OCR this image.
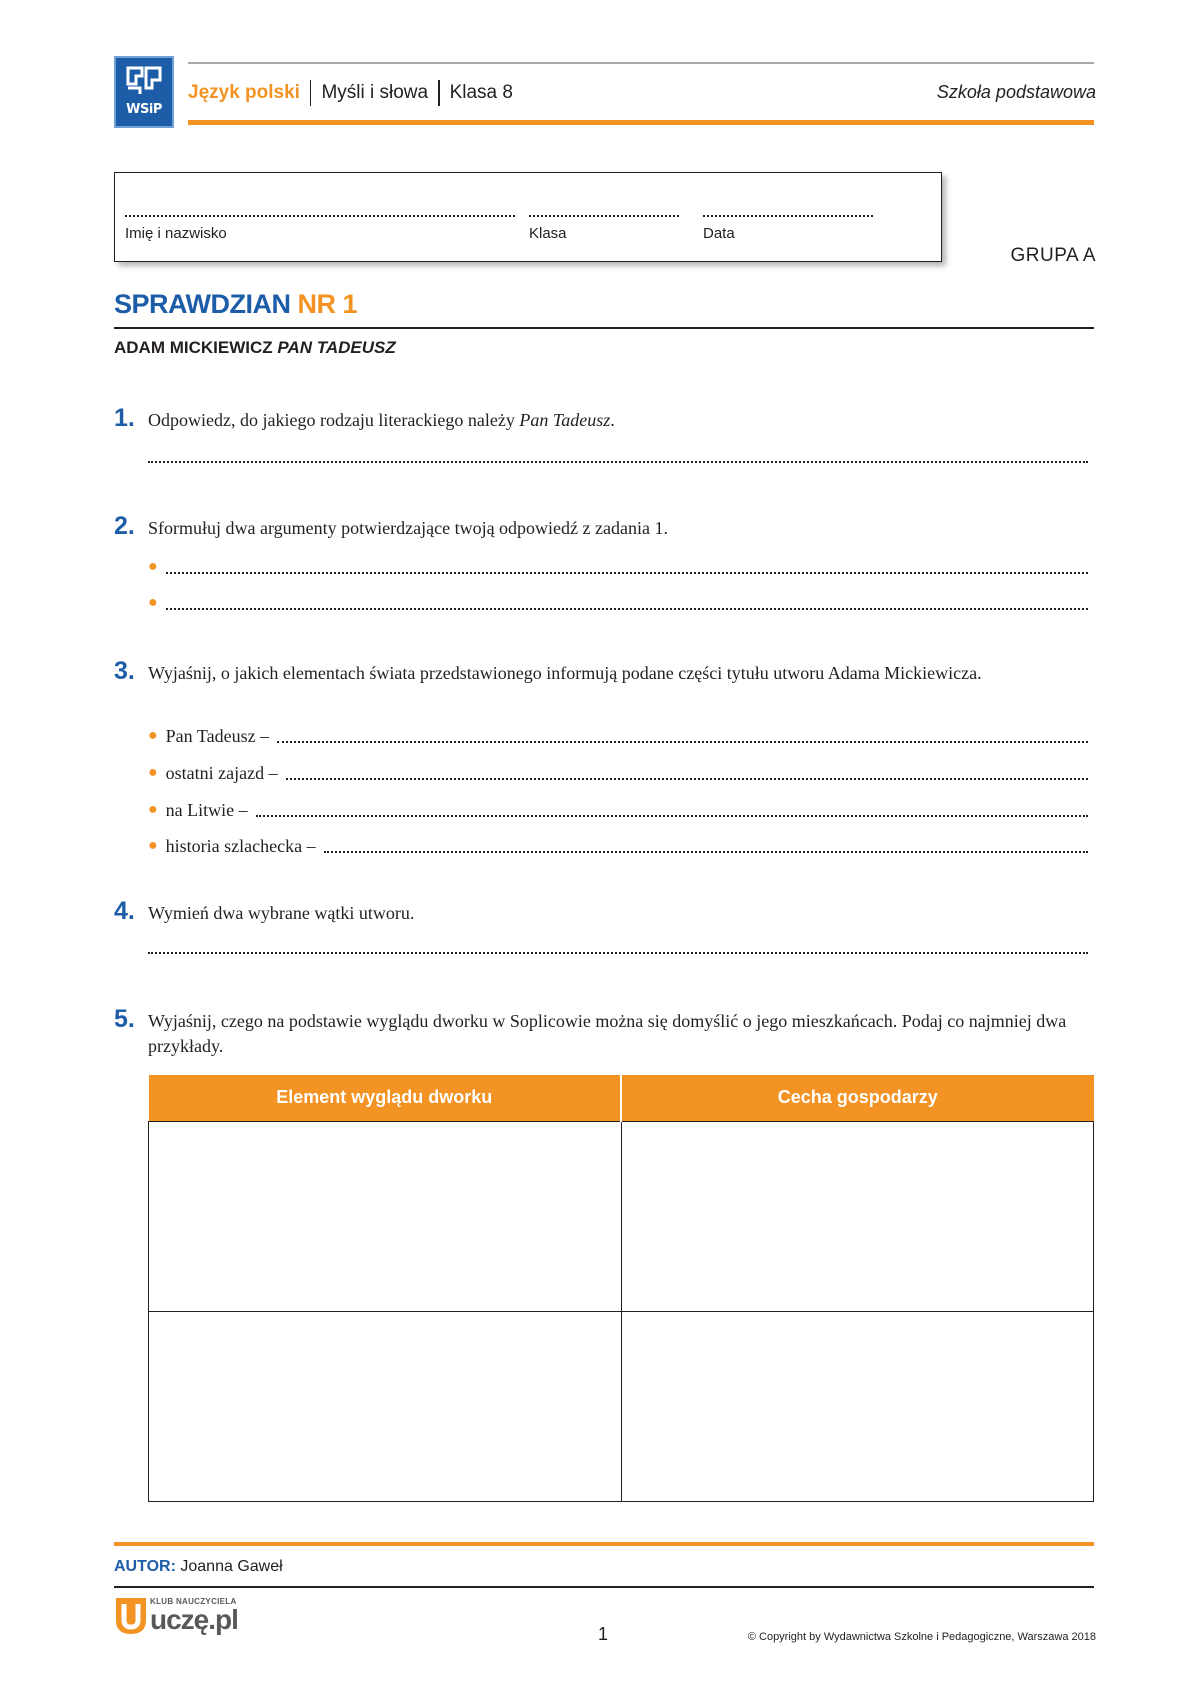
WSiP
Język polski Myśli i słowa Klasa 8	Szkoła podstawowa
Imię i nazwisko	Klasa	Data
GRUPA A
SPRAWDZIAN NR 1
ADAM MICKIEWICZ PAN TADEUSZ
1. Odpowiedz, do jakiego rodzaju literackiego należy Pan Tadeusz.
2. Sformułuj dwa argumenty potwierdzające twoją odpowiedź z zadania 1.
●
●
3. Wyjaśnij, o jakich elementach świata przedstawionego informują podane części tytułu utworu Adama Mickiewicza.
● Pan Tadeusz –
● ostatni zajazd –
● na Litwie –
● historia szlachecka –
4. Wymień dwa wybrane wątki utworu.
5. Wyjaśnij, czego na podstawie wyglądu dworku w Soplicowie można się domyślić o jego mieszkańcach. Podaj co najmniej dwa przykłady.
Element wyglądu dworku	Cecha gospodarzy

AUTOR: Joanna Gaweł
KLUB NAUCZYCIELA
uczę.pl	1	© Copyright by Wydawnictwa Szkolne i Pedagogiczne, Warszawa 2018
